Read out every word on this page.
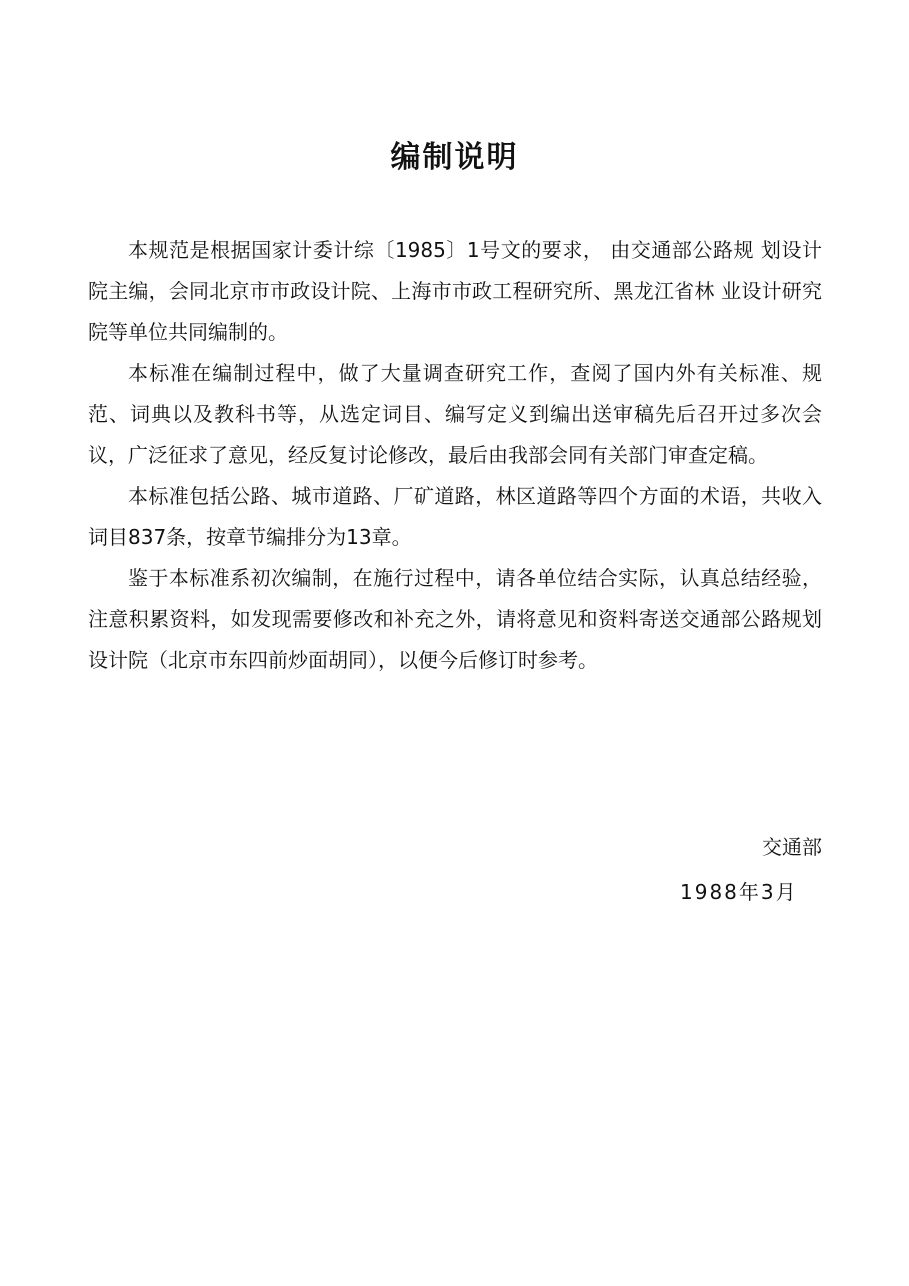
编制说明

本规范是根据国家计委计综〔1985〕1号文的要求， 由交通部公路规 划设计院主编，会同北京市市政设计院、上海市市政工程研究所、黑龙江省林 业设计研究院等单位共同编制的。

本标准在编制过程中，做了大量调查研究工作，查阅了国内外有关标准、规范、词典以及教科书等，从选定词目、编写定义到编出送审稿先后召开过多次会议，广泛征求了意见，经反复讨论修改，最后由我部会同有关部门审查定稿。

本标准包括公路、城市道路、厂矿道路，林区道路等四个方面的术语，共收入词目837条，按章节编排分为13章。

鉴于本标准系初次编制，在施行过程中，请各单位结合实际，认真总结经验，注意积累资料，如发现需要修改和补充之外，请将意见和资料寄送交通部公路规划设计院（北京市东四前炒面胡同），以便今后修订时参考。

交通部
1988年3月
